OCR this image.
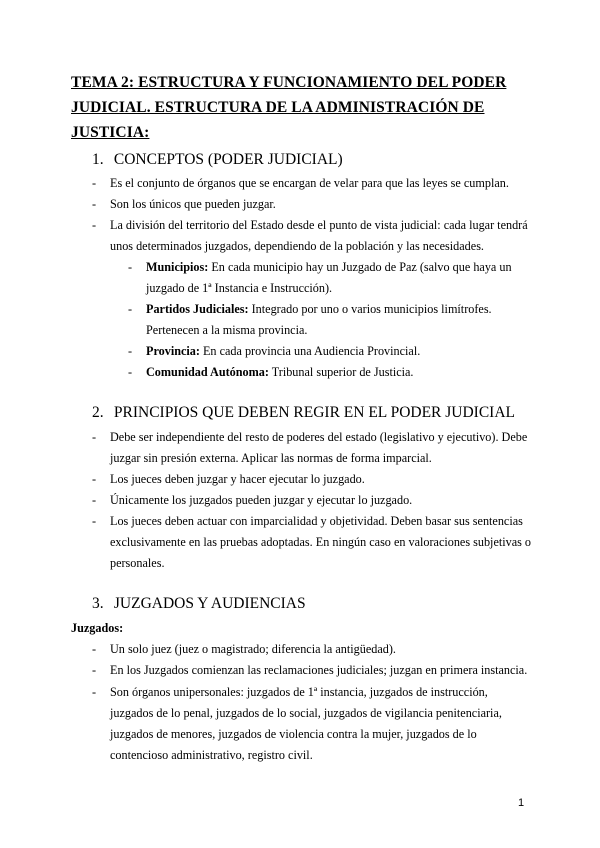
TEMA 2: ESTRUCTURA Y FUNCIONAMIENTO DEL PODER
JUDICIAL. ESTRUCTURA DE LA ADMINISTRACIÓN DE
JUSTICIA:
1. CONCEPTOS (PODER JUDICIAL)
- Es el conjunto de órganos que se encargan de velar para que las leyes se cumplan.
- Son los únicos que pueden juzgar.
- La división del territorio del Estado desde el punto de vista judicial: cada lugar tendrá
unos determinados juzgados, dependiendo de la población y las necesidades.
- Municipios: En cada municipio hay un Juzgado de Paz (salvo que haya un
juzgado de 1ª Instancia e Instrucción).
- Partidos Judiciales: Integrado por uno o varios municipios limítrofes.
Pertenecen a la misma provincia.
- Provincia: En cada provincia una Audiencia Provincial.
- Comunidad Autónoma: Tribunal superior de Justicia.
2. PRINCIPIOS QUE DEBEN REGIR EN EL PODER JUDICIAL
- Debe ser independiente del resto de poderes del estado (legislativo y ejecutivo). Debe
juzgar sin presión externa. Aplicar las normas de forma imparcial.
- Los jueces deben juzgar y hacer ejecutar lo juzgado.
- Únicamente los juzgados pueden juzgar y ejecutar lo juzgado.
- Los jueces deben actuar con imparcialidad y objetividad. Deben basar sus sentencias
exclusivamente en las pruebas adoptadas. En ningún caso en valoraciones subjetivas o
personales.
3. JUZGADOS Y AUDIENCIAS
Juzgados:
- Un solo juez (juez o magistrado; diferencia la antigüedad).
- En los Juzgados comienzan las reclamaciones judiciales; juzgan en primera instancia.
- Son órganos unipersonales: juzgados de 1ª instancia, juzgados de instrucción,
juzgados de lo penal, juzgados de lo social, juzgados de vigilancia penitenciaria,
juzgados de menores, juzgados de violencia contra la mujer, juzgados de lo
contencioso administrativo, registro civil.
1
